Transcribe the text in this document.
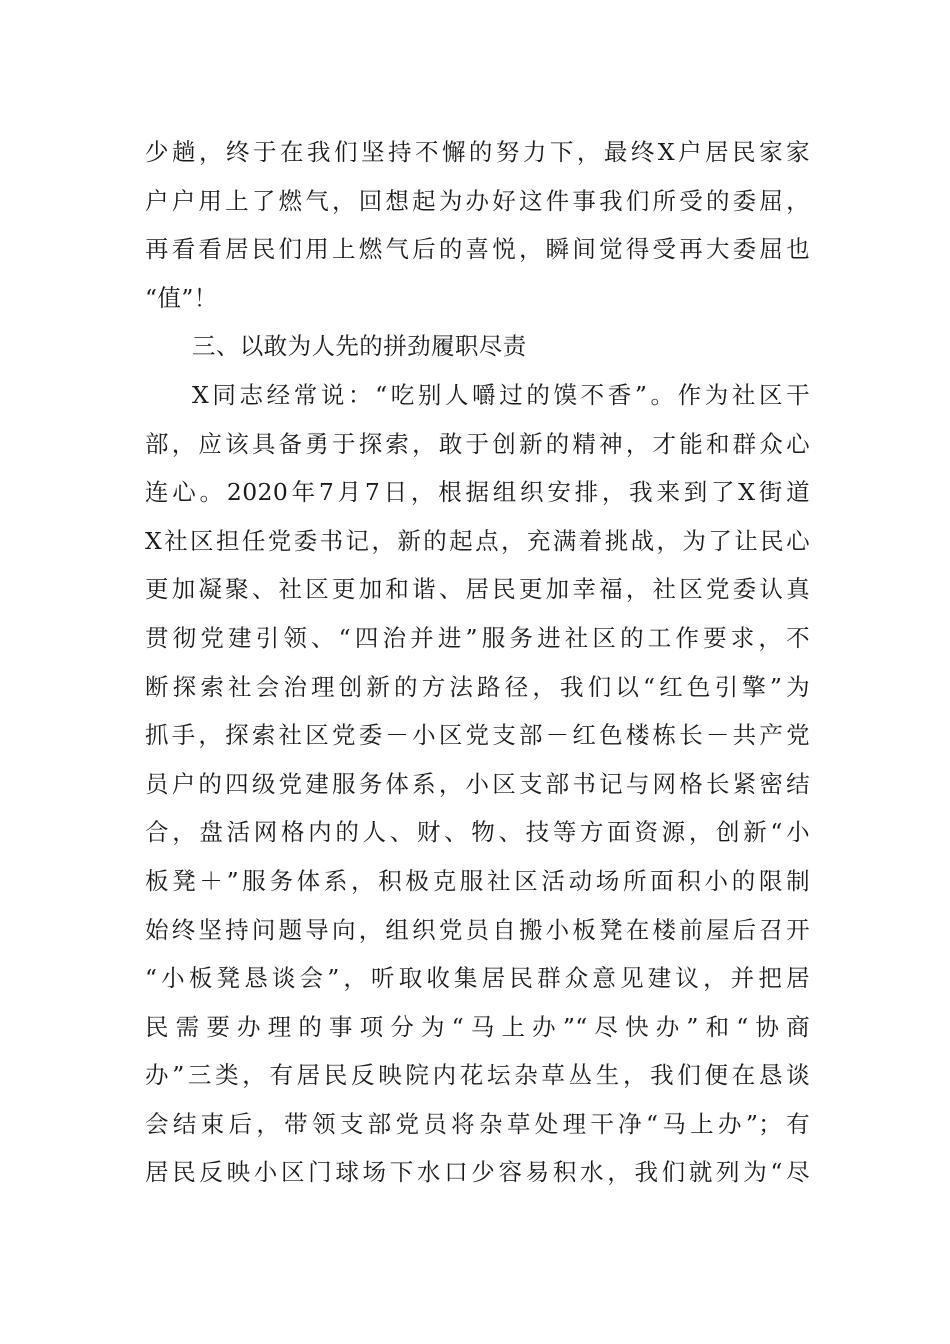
少趟，终于在我们坚持不懈的努力下，最终X户居民家家
户户用上了燃气，回想起为办好这件事我们所受的委屈，
再看看居民们用上燃气后的喜悦，瞬间觉得受再大委屈也
“值”！
三、以敢为人先的拼劲履职尽责
X同志经常说：“吃别人嚼过的馍不香”。作为社区干
部，应该具备勇于探索，敢于创新的精神，才能和群众心
连心。2020年7月7日，根据组织安排，我来到了X街道
X社区担任党委书记，新的起点，充满着挑战，为了让民心
更加凝聚、社区更加和谐、居民更加幸福，社区党委认真
贯彻党建引领、“四治并进”服务进社区的工作要求，不
断探索社会治理创新的方法路径，我们以“红色引擎”为
抓手，探索社区党委－小区党支部－红色楼栋长－共产党
员户的四级党建服务体系，小区支部书记与网格长紧密结
合，盘活网格内的人、财、物、技等方面资源，创新“小
板凳＋”服务体系，积极克服社区活动场所面积小的限制
始终坚持问题导向，组织党员自搬小板凳在楼前屋后召开
“小板凳恳谈会”，听取收集居民群众意见建议，并把居
民需要办理的事项分为“马上办”“尽快办”和“协商
办”三类，有居民反映院内花坛杂草丛生，我们便在恳谈
会结束后，带领支部党员将杂草处理干净“马上办”；有
居民反映小区门球场下水口少容易积水，我们就列为“尽
